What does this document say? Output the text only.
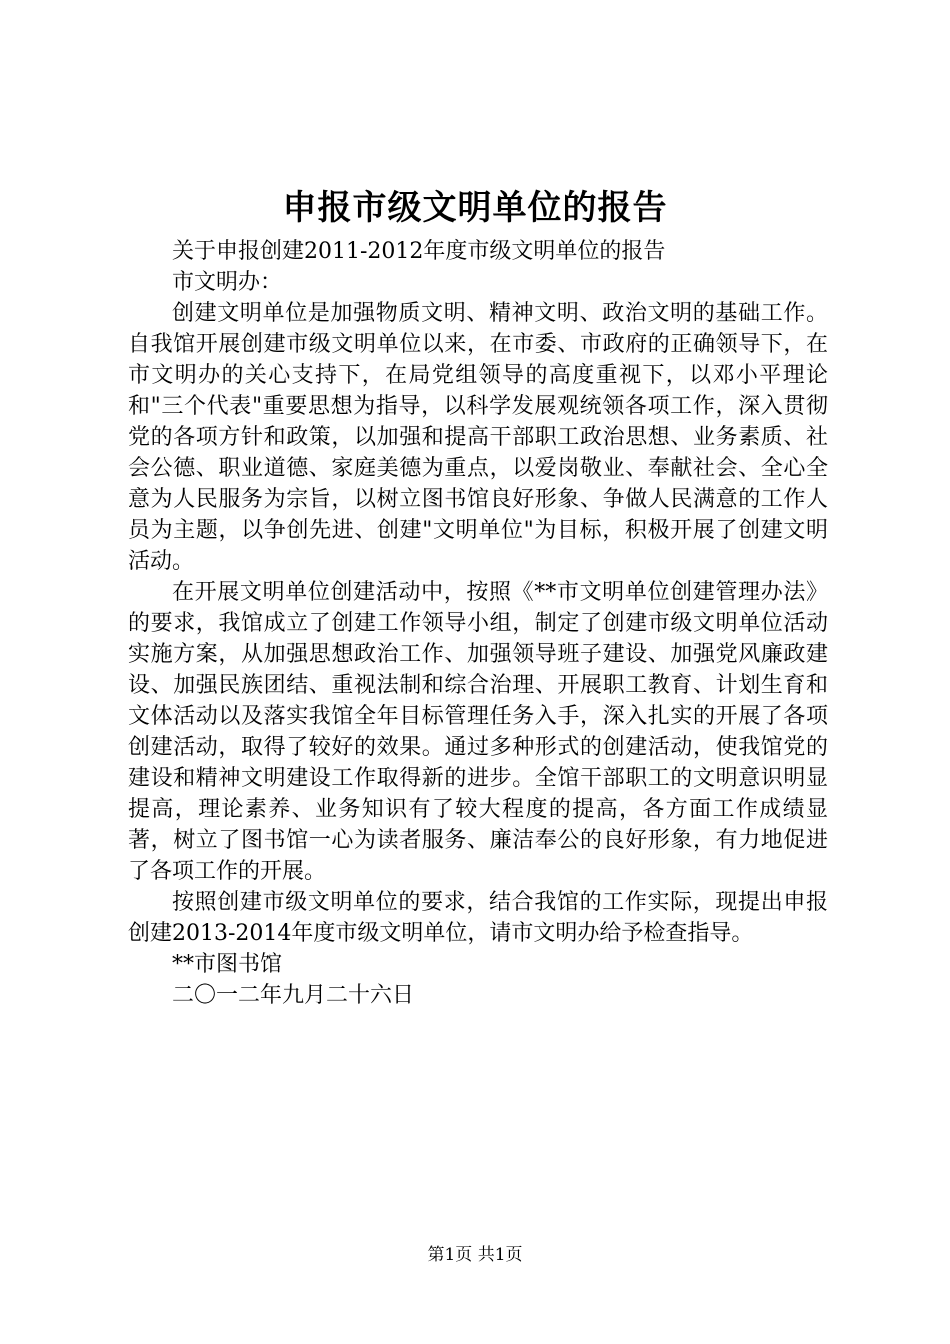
申报市级文明单位的报告
关于申报创建2011-2012年度市级文明单位的报告
市文明办：

创建文明单位是加强物质文明、精神文明、政治文明的基础工作。自我馆开展创建市级文明单位以来，在市委、市政府的正确领导下，在市文明办的关心支持下，在局党组领导的高度重视下，以邓小平理论和"三个代表"重要思想为指导，以科学发展观统领各项工作，深入贯彻党的各项方针和政策，以加强和提高干部职工政治思想、业务素质、社会公德、职业道德、家庭美德为重点，以爱岗敬业、奉献社会、全心全意为人民服务为宗旨，以树立图书馆良好形象、争做人民满意的工作人员为主题，以争创先进、创建"文明单位"为目标，积极开展了创建文明活动。

在开展文明单位创建活动中，按照《**市文明单位创建管理办法》的要求，我馆成立了创建工作领导小组，制定了创建市级文明单位活动实施方案，从加强思想政治工作、加强领导班子建设、加强党风廉政建设、加强民族团结、重视法制和综合治理、开展职工教育、计划生育和文体活动以及落实我馆全年目标管理任务入手，深入扎实的开展了各项创建活动，取得了较好的效果。通过多种形式的创建活动，使我馆党的建设和精神文明建设工作取得新的进步。全馆干部职工的文明意识明显提高，理论素养、业务知识有了较大程度的提高，各方面工作成绩显著，树立了图书馆一心为读者服务、廉洁奉公的良好形象，有力地促进了各项工作的开展。

按照创建市级文明单位的要求，结合我馆的工作实际，现提出申报创建2013-2014年度市级文明单位，请市文明办给予检查指导。

**市图书馆
二〇一二年九月二十六日
第1页 共1页
